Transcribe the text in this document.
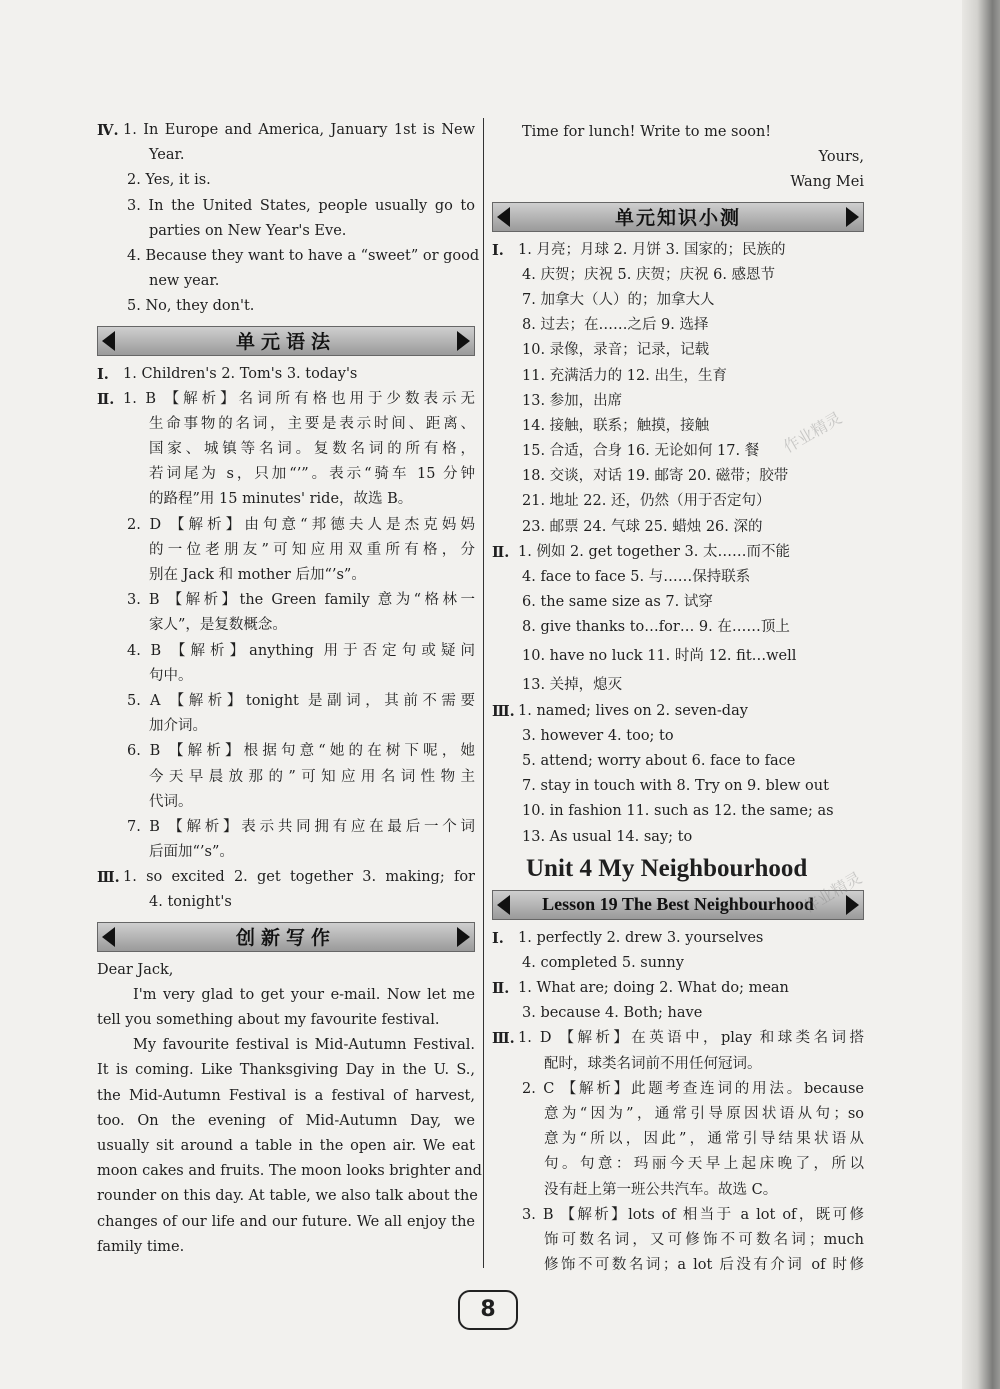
Ⅳ. 1. In Europe and America, January 1st is New
Year.
2. Yes, it is.
3. In the United States, people usually go to
parties on New Year's Eve.
4. Because they want to have a “sweet” or good
new year.
5. No, they don't.
单元语法
Ⅰ. 1. Children's 2. Tom's 3. today's
Ⅱ. 1. B 【解析】名词所有格也用于少数表示无
生命事物的名词，主要是表示时间、距离、
国家、城镇等名词。复数名词的所有格，
若词尾为 s，只加“’”。表示“骑车 15 分钟
的路程”用 15 minutes' ride，故选 B。
2. D 【解析】由句意“邦德夫人是杰克妈妈
的一位老朋友”可知应用双重所有格，分
别在 Jack 和 mother 后加“’s”。
3. B 【解析】the Green family 意为“格林一
家人”，是复数概念。
4. B 【解析】anything 用于否定句或疑问
句中。
5. A 【解析】tonight 是副词，其前不需要
加介词。
6. B 【解析】根据句意“她的在树下呢，她
今天早晨放那的”可知应用名词性物主
代词。
7. B 【解析】表示共同拥有应在最后一个词
后面加“’s”。
Ⅲ. 1. so excited 2. get together 3. making; for
4. tonight's
创新写作
Dear Jack,
I'm very glad to get your e-mail. Now let me
tell you something about my favourite festival.
My favourite festival is Mid-Autumn Festival.
It is coming. Like Thanksgiving Day in the U. S.,
the Mid-Autumn Festival is a festival of harvest,
too. On the evening of Mid-Autumn Day, we
usually sit around a table in the open air. We eat
moon cakes and fruits. The moon looks brighter and
rounder on this day. At table, we also talk about the
changes of our life and our future. We all enjoy the
family time.
Time for lunch! Write to me soon!
Yours,
Wang Mei
单元知识小测
Ⅰ. 1. 月亮；月球 2. 月饼 3. 国家的；民族的
4. 庆贺；庆祝 5. 庆贺；庆祝 6. 感恩节
7. 加拿大（人）的；加拿大人
8. 过去；在……之后 9. 选择
10. 录像，录音；记录，记载
11. 充满活力的 12. 出生，生育
13. 参加，出席
14. 接触，联系；触摸，接触
15. 合适，合身 16. 无论如何 17. 餐
18. 交谈，对话 19. 邮寄 20. 磁带；胶带
21. 地址 22. 还，仍然（用于否定句）
23. 邮票 24. 气球 25. 蜡烛 26. 深的
Ⅱ. 1. 例如 2. get together 3. 太……而不能
4. face to face 5. 与……保持联系
6. the same size as 7. 试穿
8. give thanks to…for… 9. 在……顶上
10. have no luck 11. 时尚 12. fit…well
13. 关掉，熄灭
Ⅲ. 1. named; lives on 2. seven-day
3. however 4. too; to
5. attend; worry about 6. face to face
7. stay in touch with 8. Try on 9. blew out
10. in fashion 11. such as 12. the same; as
13. As usual 14. say; to
Unit 4 My Neighbourhood
Lesson 19 The Best Neighbourhood
Ⅰ. 1. perfectly 2. drew 3. yourselves
4. completed 5. sunny
Ⅱ. 1. What are; doing 2. What do; mean
3. because 4. Both; have
Ⅲ. 1. D 【解析】在英语中，play 和球类名词搭
配时，球类名词前不用任何冠词。
2. C 【解析】此题考查连词的用法。because
意为“因为”，通常引导原因状语从句；so
意为“所以，因此”，通常引导结果状语从
句。句意：玛丽今天早上起床晚了，所以
没有赶上第一班公共汽车。故选 C。
3. B 【解析】lots of 相当于 a lot of，既可修
饰可数名词，又可修饰不可数名词；much
修饰不可数名词；a lot 后没有介词 of 时修
作业精灵
作业精灵
8
